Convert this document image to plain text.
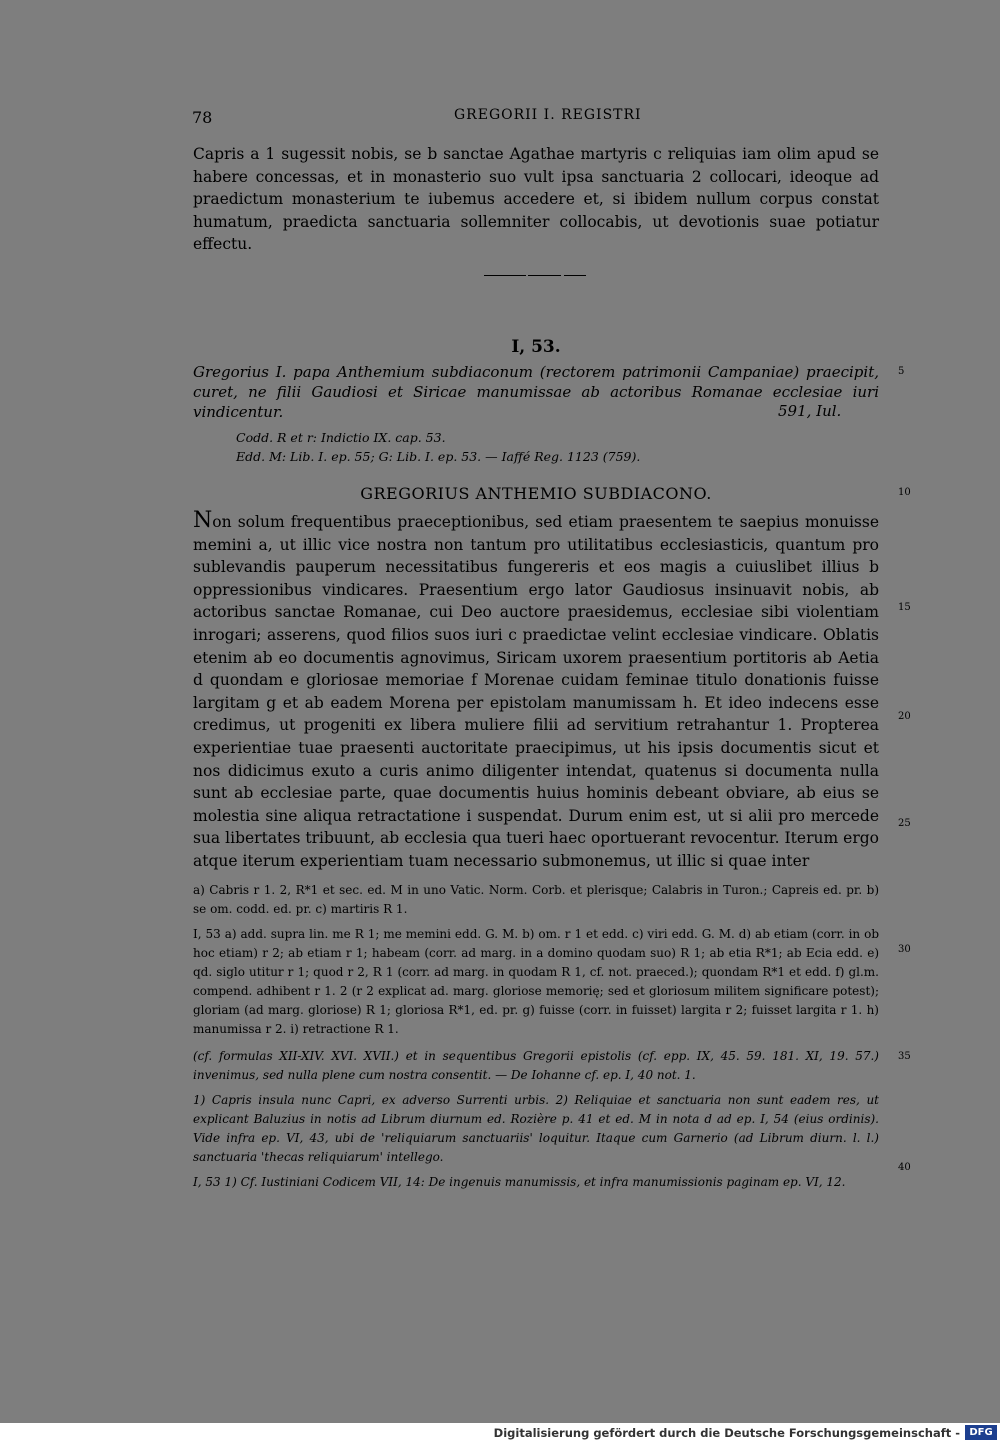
78	GREGORII I. REGISTRI

Capris a 1 sugessit nobis, se b sanctae Agathae martyris c reliquias iam olim apud se habere concessas, et in monasterio suo vult ipsa sanctuaria 2 collocari, ideoque ad praedictum monasterium te iubemus accedere et, si ibidem nullum corpus constat humatum, praedicta sanctuaria sollemniter collocabis, ut devotionis suae potiatur effectu.

I, 53.
Gregorius I. papa Anthemium subdiaconum (rectorem patrimonii Campaniae) praecipit, curet, ne filii Gaudiosi et Siricae manumissae ab actoribus Romanae ecclesiae iuri vindicentur.	591, Iul.
Codd. R et r: Indictio IX. cap. 53.
Edd. M: Lib. I. ep. 55; G: Lib. I. ep. 53. — Iaffé Reg. 1123 (759).
GREGORIUS ANTHEMIO SUBDIACONO.

Non solum frequentibus praeceptionibus, sed etiam praesentem te saepius monuisse memini a, ut illic vice nostra non tantum pro utilitatibus ecclesiasticis, quantum pro sublevandis pauperum necessitatibus fungereris et eos magis a cuiuslibet illius b oppressionibus vindicares. Praesentium ergo lator Gaudiosus insinuavit nobis, ab actoribus sanctae Romanae, cui Deo auctore praesidemus, ecclesiae sibi violentiam inrogari; asserens, quod filios suos iuri c praedictae velint ecclesiae vindicare. Oblatis etenim ab eo documentis agnovimus, Siricam uxorem praesentium portitoris ab Aetia d quondam e gloriosae memoriae f Morenae cuidam feminae titulo donationis fuisse largitam g et ab eadem Morena per epistolam manumissam h. Et ideo indecens esse credimus, ut progeniti ex libera muliere filii ad servitium retrahantur 1. Propterea experientiae tuae praesenti auctoritate praecipimus, ut his ipsis documentis sicut et nos didicimus exuto a curis animo diligenter intendat, quatenus si documenta nulla sunt ab ecclesiae parte, quae documentis huius hominis debeant obviare, ab eius se molestia sine aliqua retractatione i suspendat. Durum enim est, ut si alii pro mercede sua libertates tribuunt, ab ecclesia qua tueri haec oportuerant revocentur. Iterum ergo atque iterum experientiam tuam necessario submonemus, ut illic si quae inter

5
10
15
20
25
30
35
40

a) Cabris r 1. 2, R*1 et sec. ed. M in uno Vatic. Norm. Corb. et plerisque; Calabris in Turon.; Capreis ed. pr. b) se om. codd. ed. pr. c) martiris R 1.

I, 53 a) add. supra lin. me R 1; me memini edd. G. M. b) om. r 1 et edd. c) viri edd. G. M. d) ab etiam (corr. in ob hoc etiam) r 2; ab etiam r 1; habeam (corr. ad marg. in a domino quodam suo) R 1; ab etia R*1; ab Ecia edd. e) qd. siglo utitur r 1; quod r 2, R 1 (corr. ad marg. in quodam R 1, cf. not. praeced.); quondam R*1 et edd. f) gl.m. compend. adhibent r 1. 2 (r 2 explicat ad. marg. gloriose memorię; sed et gloriosum militem significare potest); gloriam (ad marg. gloriose) R 1; gloriosa R*1, ed. pr. g) fuisse (corr. in fuisset) largita r 2; fuisset largita r 1. h) manumissa r 2. i) retractione R 1.

(cf. formulas XII-XIV. XVI. XVII.) et in sequentibus Gregorii epistolis (cf. epp. IX, 45. 59. 181. XI, 19. 57.) invenimus, sed nulla plene cum nostra consentit. — De Iohanne cf. ep. I, 40 not. 1.

1) Capris insula nunc Capri, ex adverso Surrenti urbis. 2) Reliquiae et sanctuaria non sunt eadem res, ut explicant Baluzius in notis ad Librum diurnum ed. Rozière p. 41 et ed. M in nota d ad ep. I, 54 (eius ordinis). Vide infra ep. VI, 43, ubi de 'reliquiarum sanctuariis' loquitur. Itaque cum Garnerio (ad Librum diurn. l. l.) sanctuaria 'thecas reliquiarum' intellego.

I, 53 1) Cf. Iustiniani Codicem VII, 14: De ingenuis manumissis, et infra manumissionis paginam ep. VI, 12.

Digitalisierung gefördert durch die Deutsche Forschungsgemeinschaft - DFG
